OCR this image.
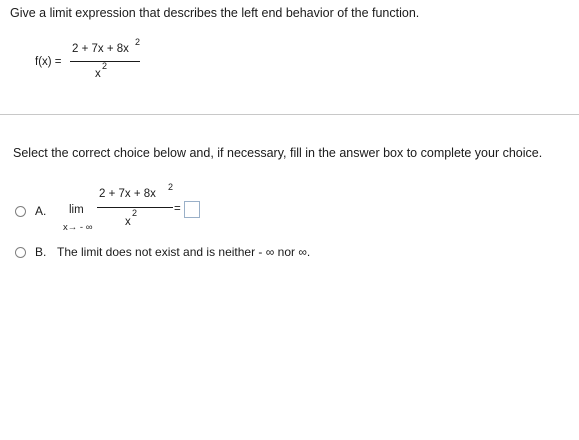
Give a limit expression that describes the left end behavior of the function.
f(x) =
2 + 7x + 8x
2
x
2
Select the correct choice below and, if necessary, fill in the answer box to complete your choice.
A. lim
x→ - ∞
2 + 7x + 8x
2
x
2	=
B. The limit does not exist and is neither - ∞ nor ∞.
